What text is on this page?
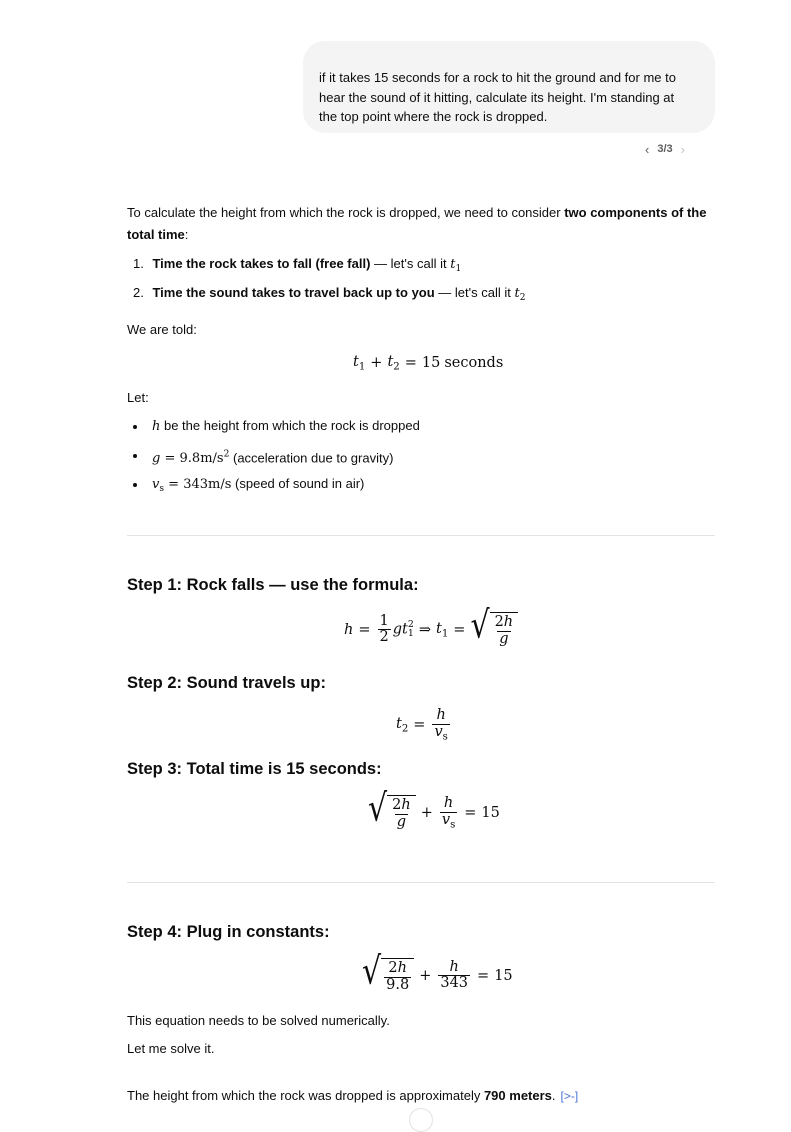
if it takes 15 seconds for a rock to hit the ground and for me to hear the sound of it hitting, calculate its height. I'm standing at the top point where the rock is dropped.
‹ 3/3 ›
To calculate the height from which the rock is dropped, we need to consider two components of the total time:
1. Time the rock takes to fall (free fall) — let's call it $t_1$
2. Time the sound takes to travel back up to you — let's call it $t_2$
We are told:
$t_1 + t_2 = 15$ seconds
Let:
h be the height from which the rock is dropped
$g = 9.8m/s^2$ (acceleration due to gravity)
$v_s = 343m/s$ (speed of sound in air)
Step 1: Rock falls — use the formula:
$h = \frac{1}{2}$ gt 2
1 ⇒ $t_1$ = √ $\frac{2h}{g}$
Step 2: Sound travels up:
$t_2 = \frac{h}{v_s}$
Step 3: Total time is 15 seconds:
√ $\frac{2h}{g} + \frac{h}{v_s} = 15$
Step 4: Plug in constants:
√ $\frac{2h}{9.8} + \frac{h}{343} = 15$
This equation needs to be solved numerically.
Let me solve it.
The height from which the rock was dropped is approximately 790 meters. [>-]
